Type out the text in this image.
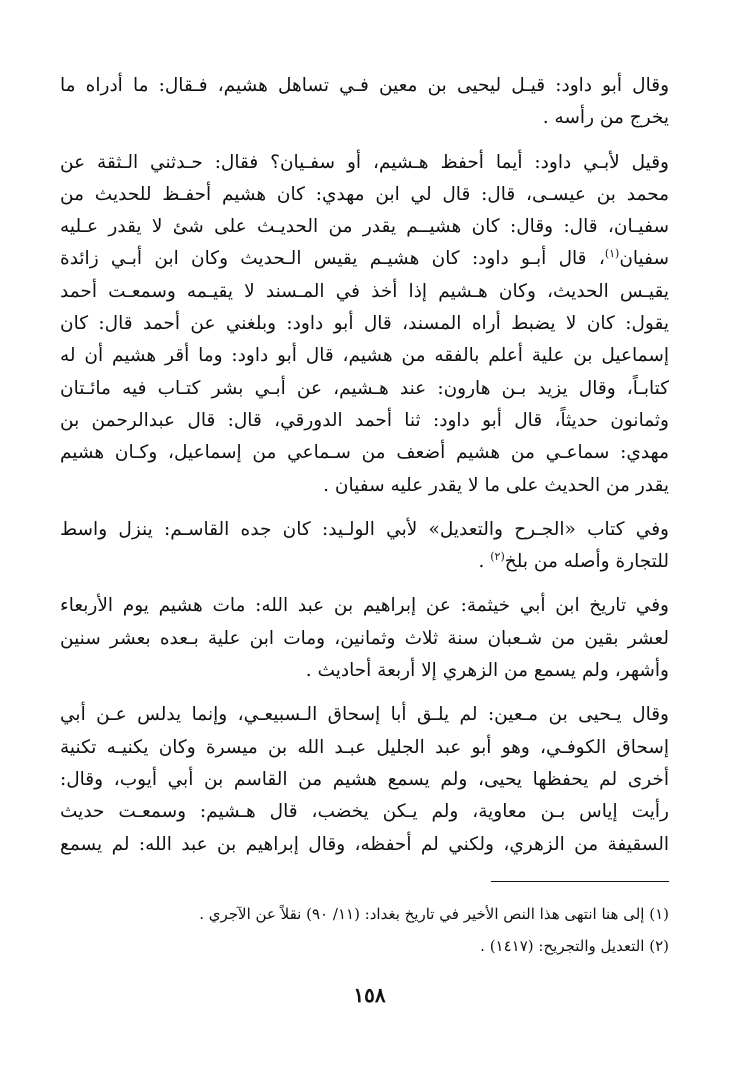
وقال أبو داود: قيـل ليحيى بن معين فـي تساهل هشيم، فـقال: ما أدراه ما
يخرج من رأسه .
وقيل لأبـي داود: أيما أحفظ هـشيم، أو سفـيان؟ فقال: حـدثني الـثقة عن
محمد بن عيسـى، قال: قال لي ابن مهدي: كان هشيم أحفـظ للحديث من
سفيـان، قال: وقال: كان هشيــم يقدر من الحديـث على شئ لا يقدر عـليه
سفيان$^{(١)}$، قال أبـو داود: كان هشيـم يقيس الـحديث وكان ابن أبـي زائدة
يقيـس الحديث، وكان هـشيم إذا أخذ في المـسند لا يقيـمه وسمعـت أحمد
يقول: كان لا يضبط أراه المسند، قال أبو داود: وبلغني عن أحمد قال: كان
إسماعيل بن علية أعلم بالفقه من هشيم، قال أبو داود: وما أقر هشيم أن له
كتابـاً، وقال يزيد بـن هارون: عند هـشيم، عن أبـي بشر كتـاب فيه مائـتان
وثمانون حديثاً، قال أبو داود: ثنا أحمد الدورقي، قال: قال عبدالرحمن بن
مهدي: سماعـي من هشيم أضعف من سـماعي من إسماعيل، وكـان هشيم
يقدر من الحديث على ما لا يقدر عليه سفيان .
وفي كتاب «الجـرح والتعديل» لأبي الولـيد: كان جده القاسـم: ينزل واسط
للتجارة وأصله من بلخ$^{(٢)}$ .
وفي تاريخ ابن أبي خيثمة: عن إبراهيم بن عبد الله: مات هشيم يوم الأربعاء
لعشر بقين من شـعبان سنة ثلاث وثمانين، ومات ابن علية بـعده بعشر سنين
وأشهر، ولم يسمع من الزهري إلا أربعة أحاديث .
وقال يـحيى بن مـعين: لم يلـق أبا إسحاق الـسبيعـي، وإنما يدلس عـن أبي
إسحاق الكوفـي، وهو أبو عبد الجليل عبـد الله بن ميسرة وكان يكنيـه تكنية
أخرى لم يحفظها يحيى، ولم يسمع هشيم من القاسم بن أبي أيوب، وقال:
رأيت إياس بـن معاوية، ولم يـكن يخضب، قال هـشيم: وسمعـت حديث
السقيفة من الزهري، ولكني لم أحفظه، وقال إبراهيم بن عبد الله: لم يسمع
(١) إلى هنا انتهى هذا النص الأخير في تاريخ بغداد: (١١/ ٩٠) نقلاً عن الآجري .
(٢) التعديل والتجريح: (١٤١٧) .
١٥٨
